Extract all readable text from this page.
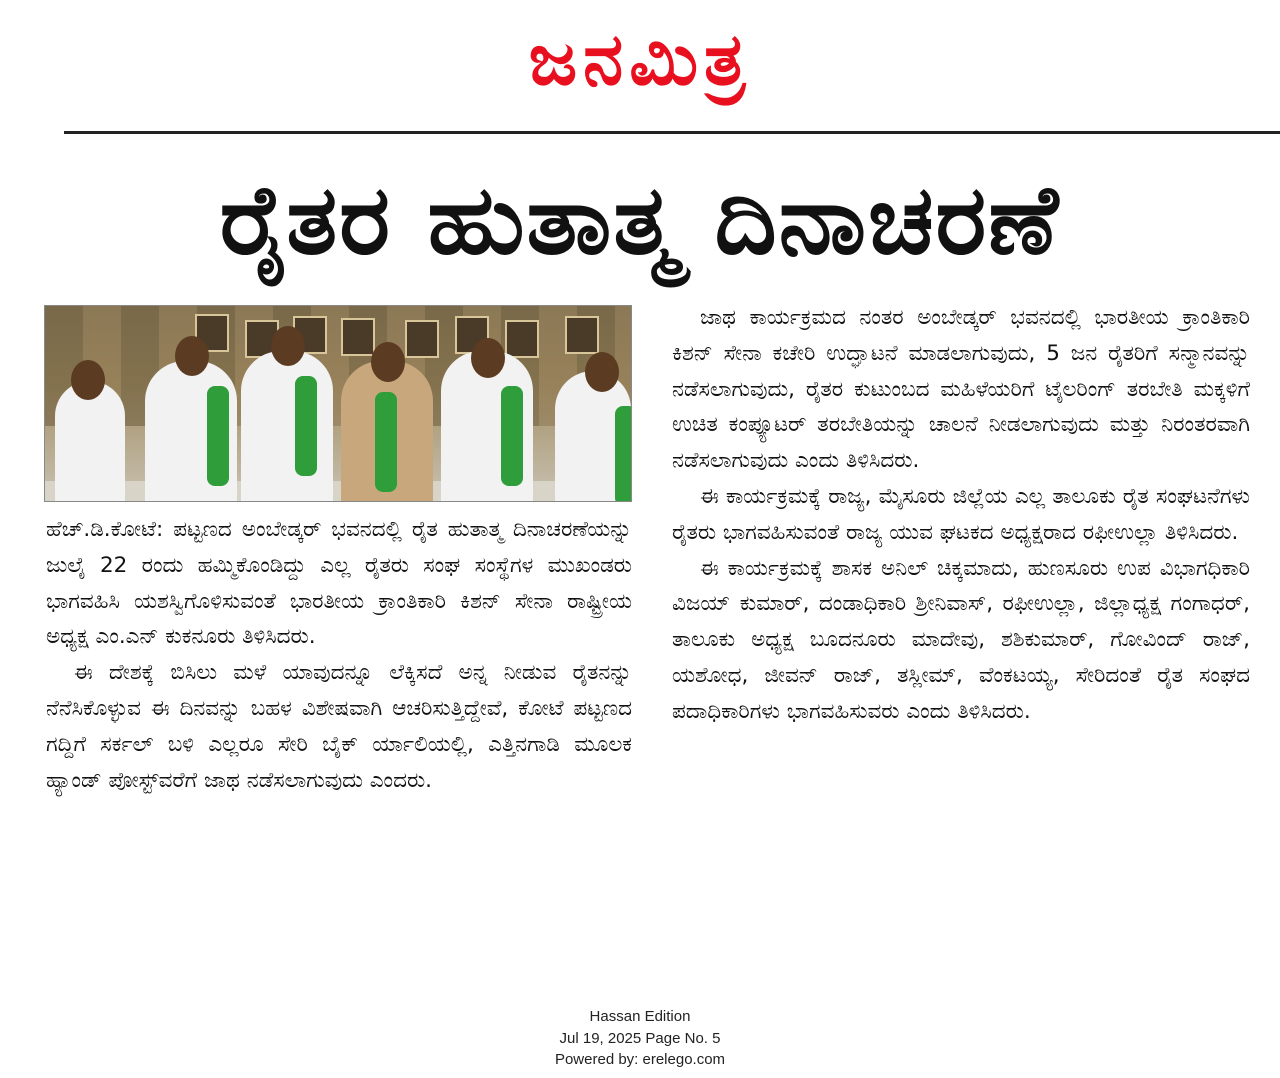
ಜನಮಿತ್ರ
ರೈತರ ಹುತಾತ್ಮ ದಿನಾಚರಣೆ

ಹೆಚ್.ಡಿ.ಕೋಟೆ: ಪಟ್ಟಣದ ಅಂಬೇಡ್ಕರ್ ಭವನದಲ್ಲಿ ರೈತ ಹುತಾತ್ಮ ದಿನಾಚರಣೆಯನ್ನು ಜುಲೈ 22 ರಂದು ಹಮ್ಮಿಕೊಂಡಿದ್ದು ಎಲ್ಲ ರೈತರು ಸಂಘ ಸಂಸ್ಥೆಗಳ ಮುಖಂಡರು ಭಾಗವಹಿಸಿ ಯಶಸ್ವಿಗೊಳಿಸುವಂತೆ ಭಾರತೀಯ ಕ್ರಾಂತಿಕಾರಿ ಕಿಶನ್ ಸೇನಾ ರಾಷ್ಟ್ರೀಯ ಅಧ್ಯಕ್ಷ ಎಂ.ಎನ್ ಕುಕನೂರು ತಿಳಿಸಿದರು.

ಈ ದೇಶಕ್ಕೆ ಬಿಸಿಲು ಮಳೆ ಯಾವುದನ್ನೂ ಲೆಕ್ಕಿಸದೆ ಅನ್ನ ನೀಡುವ ರೈತನನ್ನು ನೆನೆಸಿಕೊಳ್ಳುವ ಈ ದಿನವನ್ನು ಬಹಳ ವಿಶೇಷವಾಗಿ ಆಚರಿಸುತ್ತಿದ್ದೇವೆ, ಕೋಟೆ ಪಟ್ಟಣದ ಗದ್ದಿಗೆ ಸರ್ಕಲ್ ಬಳಿ ಎಲ್ಲರೂ ಸೇರಿ ಬೈಕ್ ರ್ಯಾಲಿಯಲ್ಲಿ, ಎತ್ತಿನಗಾಡಿ ಮೂಲಕ ಹ್ಯಾಂಡ್ ಪೋಸ್ಟ್‌ವರೆಗೆ ಜಾಥ ನಡೆಸಲಾಗುವುದು ಎಂದರು.

ಜಾಥ ಕಾರ್ಯಕ್ರಮದ ನಂತರ ಅಂಬೇಡ್ಕರ್ ಭವನದಲ್ಲಿ ಭಾರತೀಯ ಕ್ರಾಂತಿಕಾರಿ ಕಿಶನ್ ಸೇನಾ ಕಚೇರಿ ಉದ್ಘಾಟನೆ ಮಾಡಲಾಗುವುದು, 5 ಜನ ರೈತರಿಗೆ ಸನ್ಮಾನವನ್ನು ನಡೆಸಲಾಗುವುದು, ರೈತರ ಕುಟುಂಬದ ಮಹಿಳೆಯರಿಗೆ ಟೈಲರಿಂಗ್ ತರಬೇತಿ ಮಕ್ಕಳಿಗೆ ಉಚಿತ ಕಂಪ್ಯೂಟರ್ ತರಬೇತಿಯನ್ನು ಚಾಲನೆ ನೀಡಲಾಗುವುದು ಮತ್ತು ನಿರಂತರವಾಗಿ ನಡೆಸಲಾಗುವುದು ಎಂದು ತಿಳಿಸಿದರು.

ಈ ಕಾರ್ಯಕ್ರಮಕ್ಕೆ ರಾಜ್ಯ, ಮೈಸೂರು ಜಿಲ್ಲೆಯ ಎಲ್ಲ ತಾಲೂಕು ರೈತ ಸಂಘಟನೆಗಳು ರೈತರು ಭಾಗವಹಿಸುವಂತೆ ರಾಜ್ಯ ಯುವ ಘಟಕದ ಅಧ್ಯಕ್ಷರಾದ ರಫೀಉಲ್ಲಾ ತಿಳಿಸಿದರು.

ಈ ಕಾರ್ಯಕ್ರಮಕ್ಕೆ ಶಾಸಕ ಅನಿಲ್ ಚಿಕ್ಕಮಾದು, ಹುಣಸೂರು ಉಪ ವಿಭಾಗಧಿಕಾರಿ ವಿಜಯ್ ಕುಮಾರ್, ದಂಡಾಧಿಕಾರಿ ಶ್ರೀನಿವಾಸ್, ರಫೀಉಲ್ಲಾ, ಜಿಲ್ಲಾಧ್ಯಕ್ಷ ಗಂಗಾಧರ್, ತಾಲೂಕು ಅಧ್ಯಕ್ಷ ಬೂದನೂರು ಮಾದೇವು, ಶಶಿಕುಮಾರ್, ಗೋವಿಂದ್ ರಾಜ್, ಯಶೋಧ, ಜೀವನ್ ರಾಜ್, ತಸ್ಲೀಮ್, ವೆಂಕಟಯ್ಯ, ಸೇರಿದಂತೆ ರೈತ ಸಂಘದ ಪದಾಧಿಕಾರಿಗಳು ಭಾಗವಹಿಸುವರು ಎಂದು ತಿಳಿಸಿದರು.

Hassan Edition
Jul 19, 2025 Page No. 5
Powered by: erelego.com
